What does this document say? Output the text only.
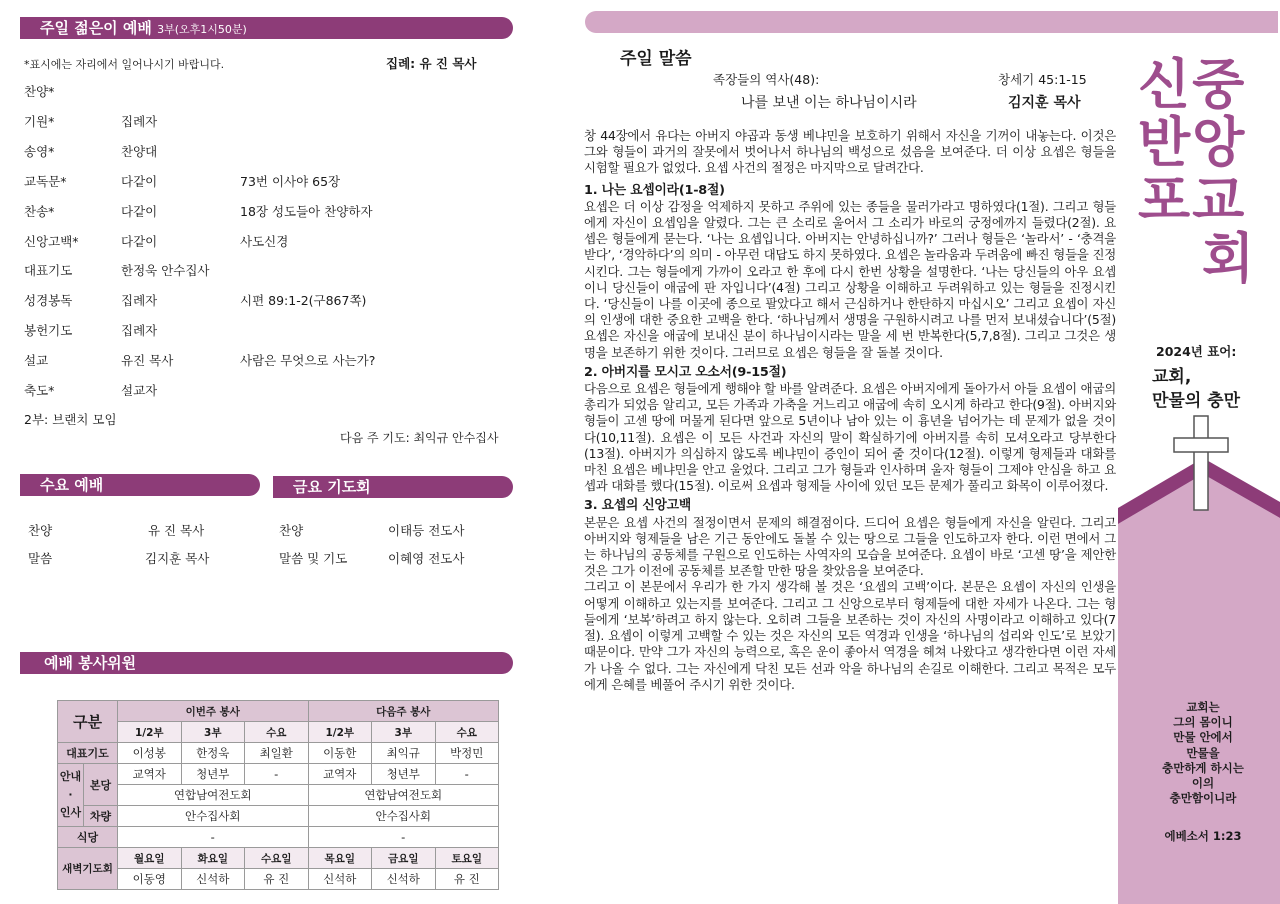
주일 젊은이 예배 3부(오후1시50분)
*표시에는 자리에서 일어나시기 바랍니다.	집례: 유 진 목사
찬양*
기원*	집례자
송영*	찬양대
교독문*	다같이	73번 이사야 65장
찬송*	다같이	18장 성도들아 찬양하자
신앙고백*	다같이	사도신경
대표기도	한정욱 안수집사
성경봉독	집례자	시편 89:1-2(구867쪽)
봉헌기도	집례자
설교	유진 목사	사람은 무엇으로 사는가?
축도*	설교자
2부: 브랜치 모임
다음 주 기도: 최익규 안수집사
수요 예배	금요 기도회
찬양	유 진 목사
말씀	김지훈 목사
찬양	이태등 전도사
말씀 및 기도	이혜영 전도사
예배 봉사위원
구분		이번주 봉사			다음주 봉사		
		1/2부	3부	수요	1/2부	3부	수요
대표기도		이성봉	한정욱	최일환	이동한	최익규	박정민

안내
·
인사	본당	교역자	청년부	-	교역자	청년부	-
		연합남여전도회			연합남여전도회		
	차량	안수집사회			안수집사회		
식당		-			-		
새벽기도회		월요일	화요일	수요일	목요일	금요일	토요일
		이동영	신석하	유 진	신석하	신석하	유 진
주일 말씀
족장들의 역사(48):
나를 보낸 이는 하나님이시라
창세기 45:1-15
김지훈 목사

창 44장에서 유다는 아버지 야곱과 동생 베냐민을 보호하기 위해서 자신을 기꺼이 내놓는다. 이것은 그와 형들이 과거의 잘못에서 벗어나서 하나님의 백성으로 섰음을 보여준다. 더 이상 요셉은 형들을 시험할 필요가 없었다. 요셉 사건의 절정은 마지막으로 달려간다.

1. 나는 요셉이라(1-8절)

요셉은 더 이상 감정을 억제하지 못하고 주위에 있는 종들을 물러가라고 명하였다(1절). 그리고 형들에게 자신이 요셉임을 알렸다. 그는 큰 소리로 울어서 그 소리가 바로의 궁정에까지 들렸다(2절). 요셉은 형들에게 묻는다. ‘나는 요셉입니다. 아버지는 안녕하십니까?’ 그러나 형들은 ‘놀라서’ - ‘충격을 받다’, ‘경악하다’의 의미 - 아무런 대답도 하지 못하였다. 요셉은 놀라움과 두려움에 빠진 형들을 진정시킨다. 그는 형들에게 가까이 오라고 한 후에 다시 한번 상황을 설명한다. ‘나는 당신들의 아우 요셉이니 당신들이 애굽에 판 자입니다’(4절) 그리고 상황을 이해하고 두려워하고 있는 형들을 진정시킨다. ‘당신들이 나를 이곳에 종으로 팔았다고 해서 근심하거나 한탄하지 마십시오’ 그리고 요셉이 자신의 인생에 대한 중요한 고백을 한다. ‘하나님께서 생명을 구원하시려고 나를 먼저 보내셨습니다’(5절) 요셉은 자신을 애굽에 보내신 분이 하나님이시라는 말을 세 번 반복한다(5,7,8절). 그리고 그것은 생명을 보존하기 위한 것이다. 그러므로 요셉은 형들을 잘 돌볼 것이다.

2. 아버지를 모시고 오소서(9-15절)

다음으로 요셉은 형들에게 행해야 할 바를 알려준다. 요셉은 아버지에게 돌아가서 아들 요셉이 애굽의 총리가 되었음 알리고, 모든 가족과 가축을 거느리고 애굽에 속히 오시게 하라고 한다(9절). 아버지와 형들이 고센 땅에 머물게 된다면 앞으로 5년이나 남아 있는 이 흉년을 넘어가는 데 문제가 없을 것이다(10,11절). 요셉은 이 모든 사건과 자신의 말이 확실하기에 아버지를 속히 모셔오라고 당부한다(13절). 아버지가 의심하지 않도록 베냐민이 증인이 되어 줄 것이다(12절). 이렇게 형제들과 대화를 마친 요셉은 베냐민을 안고 울었다. 그리고 그가 형들과 인사하며 울자 형들이 그제야 안심을 하고 요셉과 대화를 했다(15절). 이로써 요셉과 형제들 사이에 있던 모든 문제가 풀리고 화목이 이루어졌다.

3. 요셉의 신앙고백

본문은 요셉 사건의 절정이면서 문제의 해결점이다. 드디어 요셉은 형들에게 자신을 알린다. 그리고 아버지와 형제들을 남은 기근 동안에도 돌볼 수 있는 땅으로 그들을 인도하고자 한다. 이런 면에서 그는 하나님의 공동체를 구원으로 인도하는 사역자의 모습을 보여준다. 요셉이 바로 ‘고센 땅’을 제안한 것은 그가 이전에 공동체를 보존할 만한 땅을 찾았음을 보여준다.

그리고 이 본문에서 우리가 한 가지 생각해 볼 것은 ‘요셉의 고백’이다. 본문은 요셉이 자신의 인생을 어떻게 이해하고 있는지를 보여준다. 그리고 그 신앙으로부터 형제들에 대한 자세가 나온다. 그는 형들에게 ‘보복’하려고 하지 않는다. 오히려 그들을 보존하는 것이 자신의 사명이라고 이해하고 있다(7절). 요셉이 이렇게 고백할 수 있는 것은 자신의 모든 역경과 인생을 ‘하나님의 섭리와 인도’로 보았기 때문이다. 만약 그가 자신의 능력으로, 혹은 운이 좋아서 역경을 헤쳐 나왔다고 생각한다면 이런 자세가 나올 수 없다. 그는 자신에게 닥친 모든 선과 악을 하나님의 손길로 이해한다. 그리고 목적은 모두에게 은혜를 베풀어 주시기 위한 것이다.

신중
반앙
포교
회
2024년 표어:
교회,
만물의 충만
교회는
그의 몸이니
만물 안에서
만물을
충만하게 하시는
이의
충만함이니라
에베소서 1:23
